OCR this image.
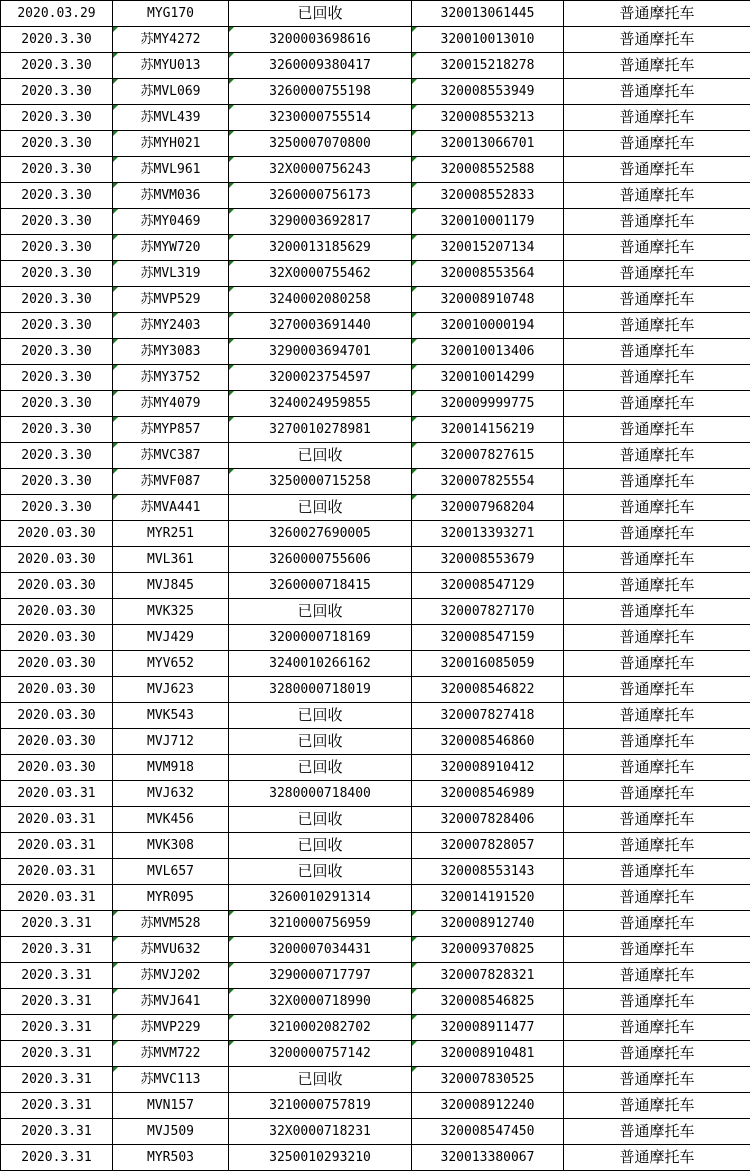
2020.03.29	MYG170	已回收	320013061445	普通摩托车
2020.3.30	苏MY4272	3200003698616	320010013010	普通摩托车
2020.3.30	苏MYU013	3260009380417	320015218278	普通摩托车
2020.3.30	苏MVL069	3260000755198	320008553949	普通摩托车
2020.3.30	苏MVL439	3230000755514	320008553213	普通摩托车
2020.3.30	苏MYH021	3250007070800	320013066701	普通摩托车
2020.3.30	苏MVL961	32X0000756243	320008552588	普通摩托车
2020.3.30	苏MVM036	3260000756173	320008552833	普通摩托车
2020.3.30	苏MY0469	3290003692817	320010001179	普通摩托车
2020.3.30	苏MYW720	3200013185629	320015207134	普通摩托车
2020.3.30	苏MVL319	32X0000755462	320008553564	普通摩托车
2020.3.30	苏MVP529	3240002080258	320008910748	普通摩托车
2020.3.30	苏MY2403	3270003691440	320010000194	普通摩托车
2020.3.30	苏MY3083	3290003694701	320010013406	普通摩托车
2020.3.30	苏MY3752	3200023754597	320010014299	普通摩托车
2020.3.30	苏MY4079	3240024959855	320009999775	普通摩托车
2020.3.30	苏MYP857	3270010278981	320014156219	普通摩托车
2020.3.30	苏MVC387	已回收	320007827615	普通摩托车
2020.3.30	苏MVF087	3250000715258	320007825554	普通摩托车
2020.3.30	苏MVA441	已回收	320007968204	普通摩托车
2020.03.30	MYR251	3260027690005	320013393271	普通摩托车
2020.03.30	MVL361	3260000755606	320008553679	普通摩托车
2020.03.30	MVJ845	3260000718415	320008547129	普通摩托车
2020.03.30	MVK325	已回收	320007827170	普通摩托车
2020.03.30	MVJ429	3200000718169	320008547159	普通摩托车
2020.03.30	MYV652	3240010266162	320016085059	普通摩托车
2020.03.30	MVJ623	3280000718019	320008546822	普通摩托车
2020.03.30	MVK543	已回收	320007827418	普通摩托车
2020.03.30	MVJ712	已回收	320008546860	普通摩托车
2020.03.30	MVM918	已回收	320008910412	普通摩托车
2020.03.31	MVJ632	3280000718400	320008546989	普通摩托车
2020.03.31	MVK456	已回收	320007828406	普通摩托车
2020.03.31	MVK308	已回收	320007828057	普通摩托车
2020.03.31	MVL657	已回收	320008553143	普通摩托车
2020.03.31	MYR095	3260010291314	320014191520	普通摩托车
2020.3.31	苏MVM528	3210000756959	320008912740	普通摩托车
2020.3.31	苏MVU632	3200007034431	320009370825	普通摩托车
2020.3.31	苏MVJ202	3290000717797	320007828321	普通摩托车
2020.3.31	苏MVJ641	32X0000718990	320008546825	普通摩托车
2020.3.31	苏MVP229	3210002082702	320008911477	普通摩托车
2020.3.31	苏MVM722	3200000757142	320008910481	普通摩托车
2020.3.31	苏MVC113	已回收	320007830525	普通摩托车
2020.3.31	MVN157	3210000757819	320008912240	普通摩托车
2020.3.31	MVJ509	32X0000718231	320008547450	普通摩托车
2020.3.31	MYR503	3250010293210	320013380067	普通摩托车
